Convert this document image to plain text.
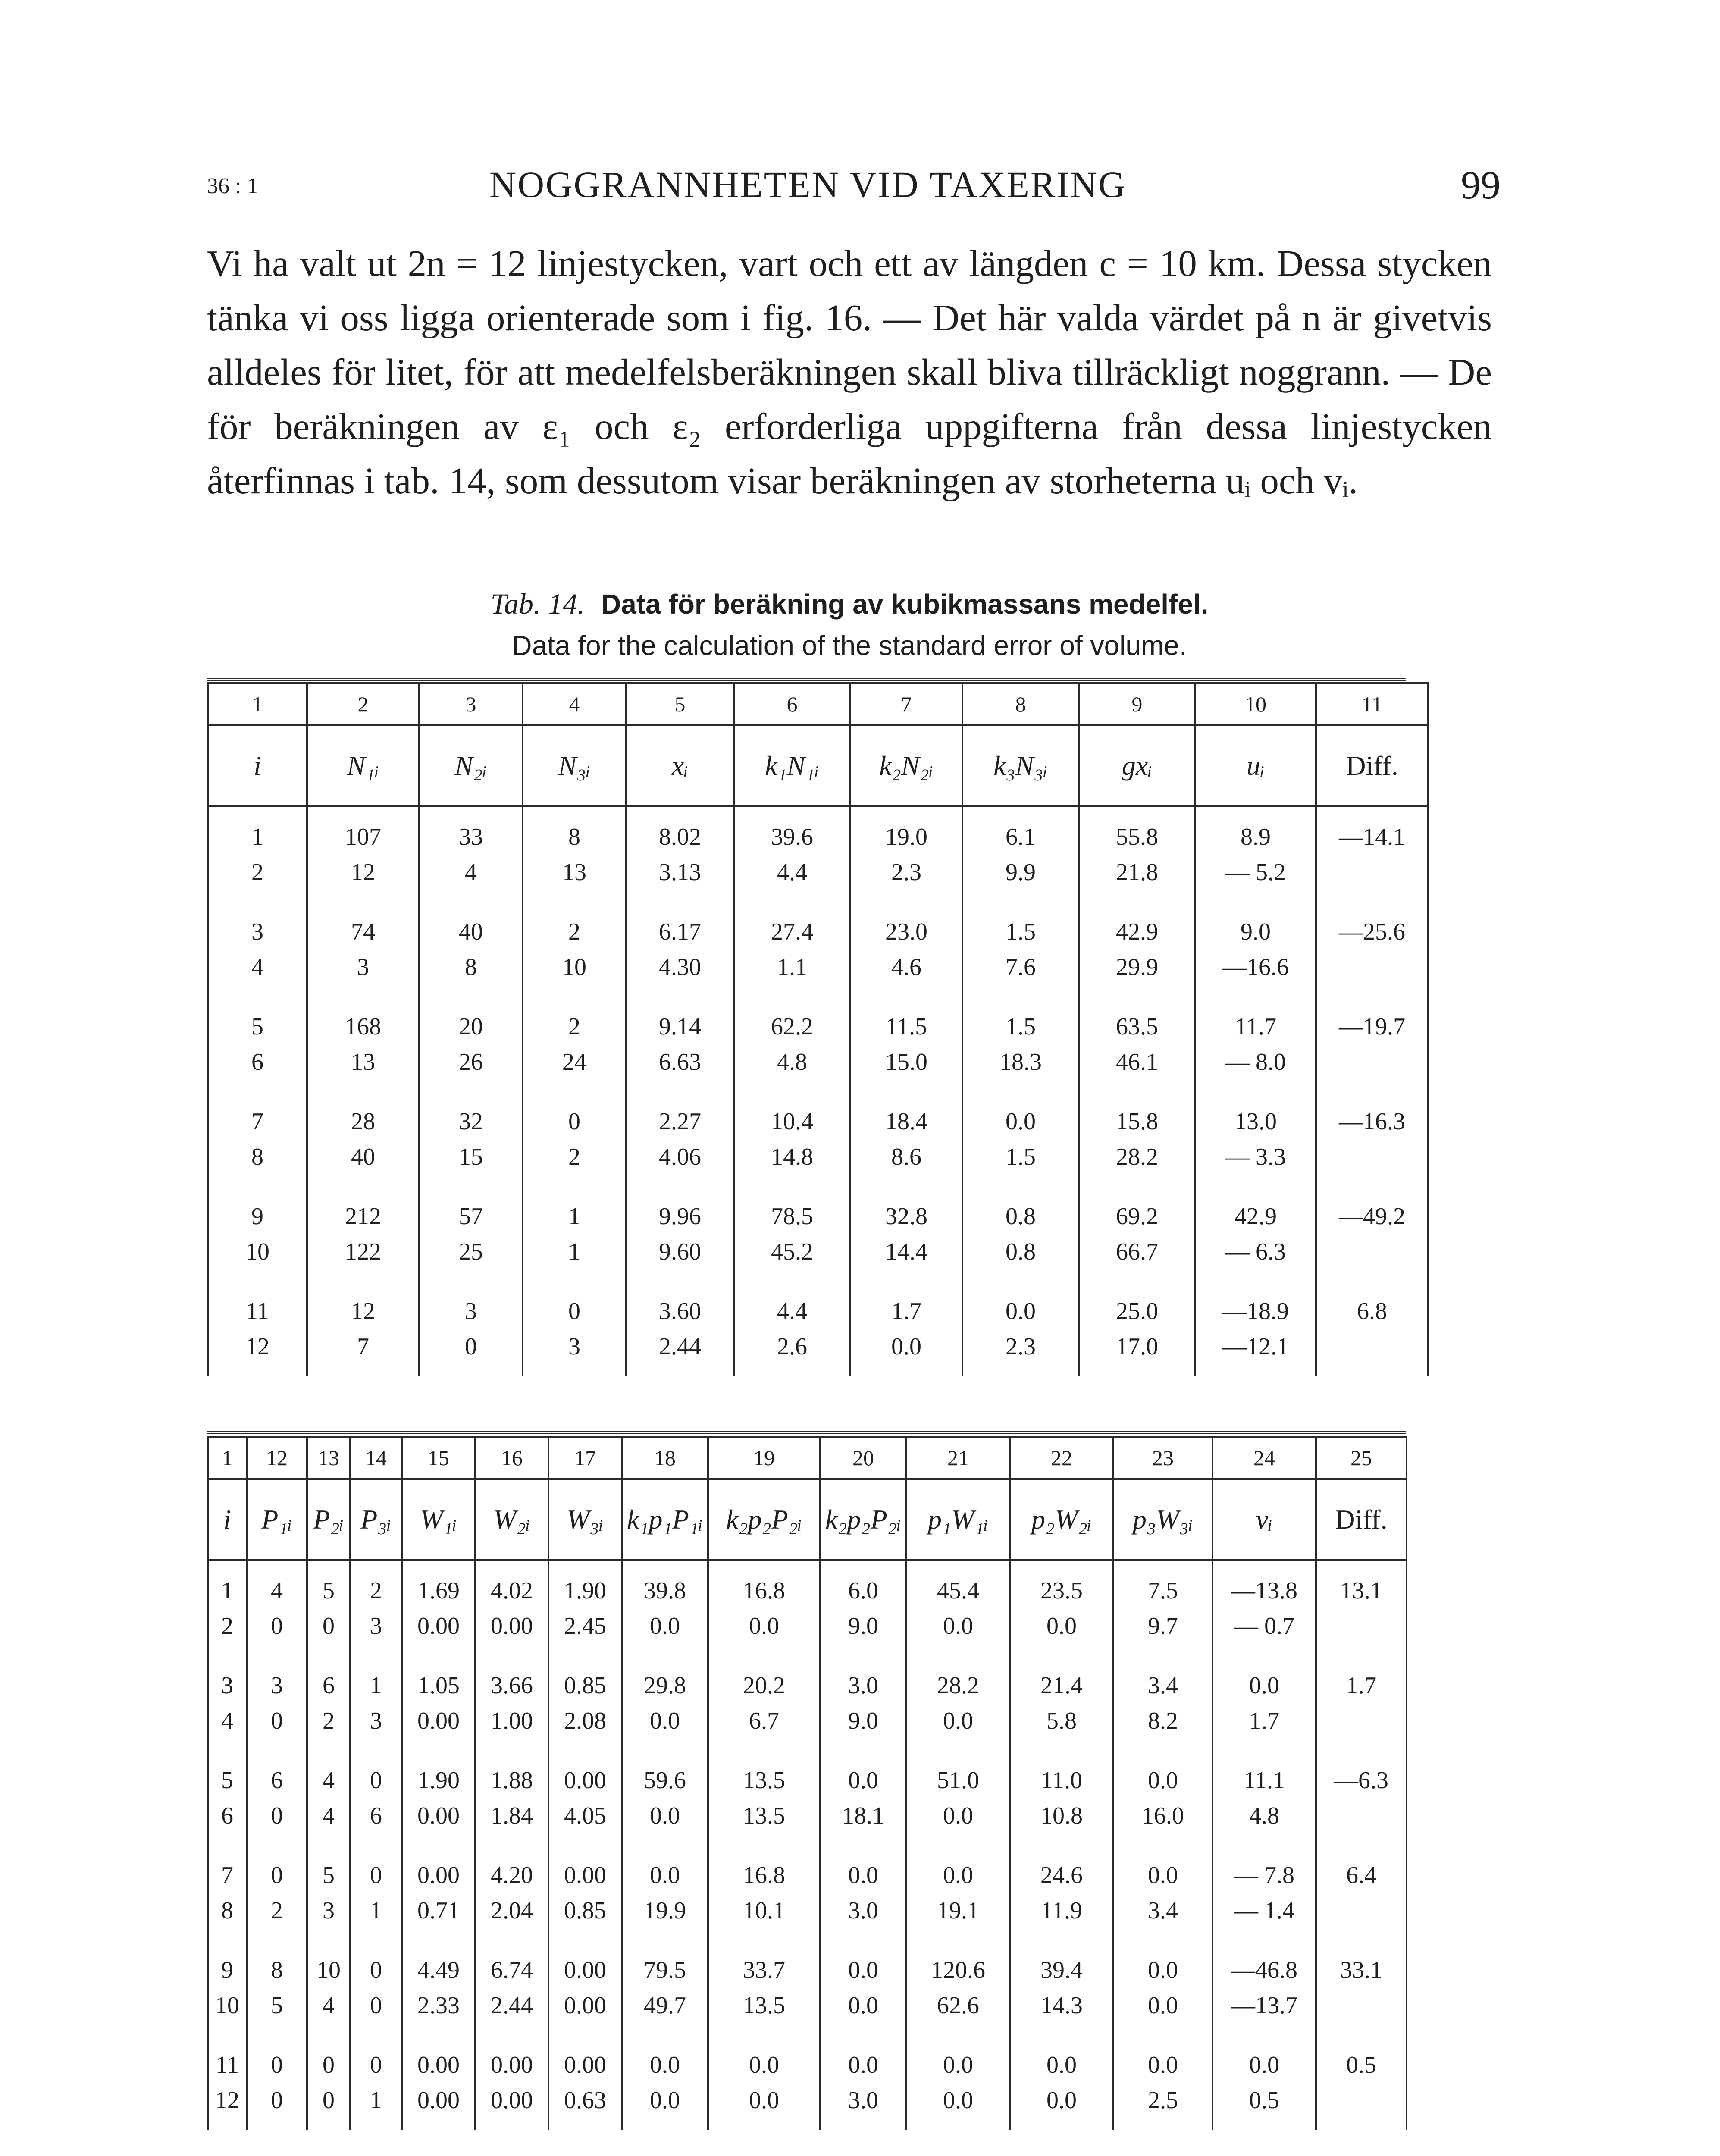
36 : 1	NOGGRANNHETEN VID TAXERING	99

Vi ha valt ut 2n = 12 linjestycken, vart och ett av längden c = 10 km. Dessa stycken tänka vi oss ligga orienterade som i fig. 16. — Det här valda värdet på n är givetvis alldeles för litet, för att medelfelsberäkningen skall bliva tillräckligt noggrann. — De för beräkningen av ε₁ och ε₂ erforderliga uppgifterna från dessa linjestycken återfinnas i tab. 14, som dessutom visar beräkningen av storheterna uᵢ och vᵢ.

Tab. 14. Data för beräkning av kubikmassans medelfel.
Data for the calculation of the standard error of volume.
1	2	3	4	5	6	7	8	9	10	11
i	N₁ᵢ	N₂ᵢ	N₃ᵢ	xᵢ	k₁N₁ᵢ	k₂N₂ᵢ	k₃N₃ᵢ	gxᵢ	uᵢ	Diff.
1	107	33	8	8.02	39.6	19.0	6.1	55.8	8.9	—14.1
2	12	4	13	3.13	4.4	2.3	9.9	21.8	— 5.2	
3	74	40	2	6.17	27.4	23.0	1.5	42.9	9.0	—25.6
4	3	8	10	4.30	1.1	4.6	7.6	29.9	—16.6	
5	168	20	2	9.14	62.2	11.5	1.5	63.5	11.7	—19.7
6	13	26	24	6.63	4.8	15.0	18.3	46.1	— 8.0	
7	28	32	0	2.27	10.4	18.4	0.0	15.8	13.0	—16.3
8	40	15	2	4.06	14.8	8.6	1.5	28.2	— 3.3	
9	212	57	1	9.96	78.5	32.8	0.8	69.2	42.9	—49.2
10	122	25	1	9.60	45.2	14.4	0.8	66.7	— 6.3	
11	12	3	0	3.60	4.4	1.7	0.0	25.0	—18.9	6.8
12	7	0	3	2.44	2.6	0.0	2.3	17.0	—12.1	
1	12	13	14	15	16	17	18	19	20	21	22	23	24	25
i	P₁ᵢ	P₂ᵢ	P₃ᵢ	W₁ᵢ	W₂ᵢ	W₃ᵢ	k₁p₁P₁ᵢ	k₂p₂P₂ᵢ	k₂p₂P₂ᵢ	p₁W₁ᵢ	p₂W₂ᵢ	p₃W₃ᵢ	vᵢ	Diff.
1	4	5	2	1.69	4.02	1.90	39.8	16.8	6.0	45.4	23.5	7.5	—13.8	13.1
2	0	0	3	0.00	0.00	2.45	0.0	0.0	9.0	0.0	0.0	9.7	— 0.7	
3	3	6	1	1.05	3.66	0.85	29.8	20.2	3.0	28.2	21.4	3.4	0.0	1.7
4	0	2	3	0.00	1.00	2.08	0.0	6.7	9.0	0.0	5.8	8.2	1.7	
5	6	4	0	1.90	1.88	0.00	59.6	13.5	0.0	51.0	11.0	0.0	11.1	—6.3
6	0	4	6	0.00	1.84	4.05	0.0	13.5	18.1	0.0	10.8	16.0	4.8	
7	0	5	0	0.00	4.20	0.00	0.0	16.8	0.0	0.0	24.6	0.0	— 7.8	6.4
8	2	3	1	0.71	2.04	0.85	19.9	10.1	3.0	19.1	11.9	3.4	— 1.4	
9	8	10	0	4.49	6.74	0.00	79.5	33.7	0.0	120.6	39.4	0.0	—46.8	33.1
10	5	4	0	2.33	2.44	0.00	49.7	13.5	0.0	62.6	14.3	0.0	—13.7	
11	0	0	0	0.00	0.00	0.00	0.0	0.0	0.0	0.0	0.0	0.0	0.0	0.5
12	0	0	1	0.00	0.00	0.63	0.0	0.0	3.0	0.0	0.0	2.5	0.5	
